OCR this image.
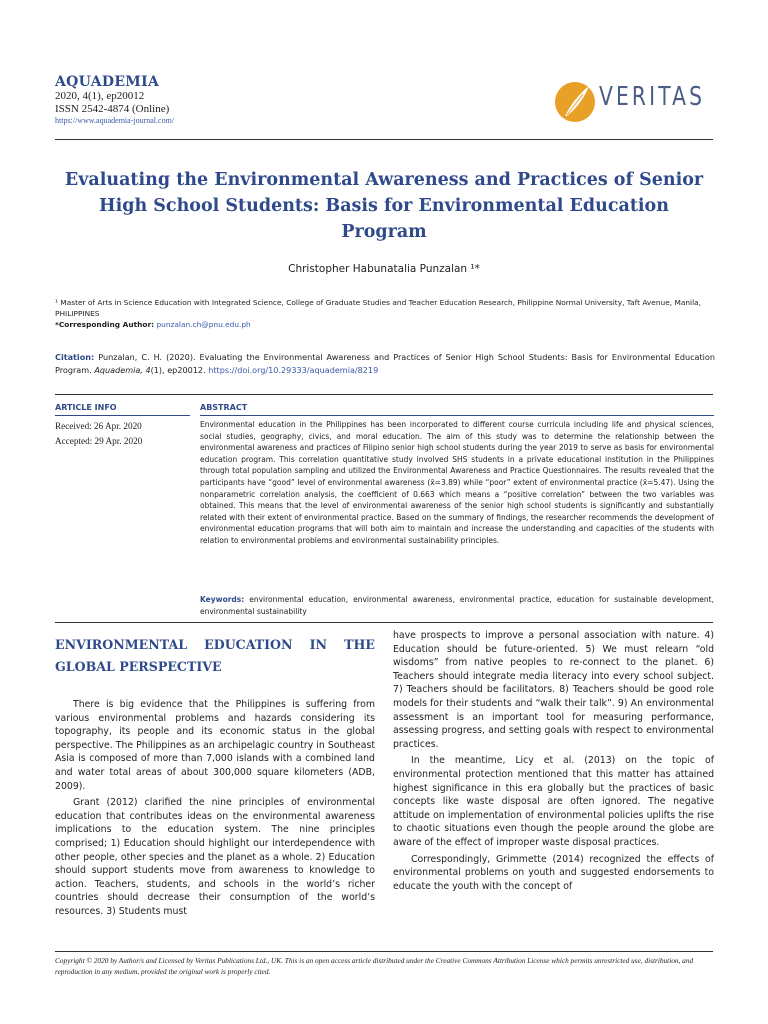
AQUADEMIA
2020, 4(1), ep20012
ISSN 2542-4874 (Online)
https://www.aquademia-journal.com/
VERITAS
Evaluating the Environmental Awareness and Practices of Senior High School Students: Basis for Environmental Education Program
Christopher Habunatalia Punzalan ¹*
¹ Master of Arts in Science Education with Integrated Science, College of Graduate Studies and Teacher Education Research, Philippine Normal University, Taft Avenue, Manila, PHILIPPINES
*Corresponding Author: punzalan.ch@pnu.edu.ph
Citation: Punzalan, C. H. (2020). Evaluating the Environmental Awareness and Practices of Senior High School Students: Basis for Environmental Education Program. Aquademia, 4(1), ep20012. https://doi.org/10.29333/aquademia/8219
ARTICLE INFO	ABSTRACT
Received: 26 Apr. 2020
Accepted: 29 Apr. 2020
Environmental education in the Philippines has been incorporated to different course curricula including life and physical sciences, social studies, geography, civics, and moral education. The aim of this study was to determine the relationship between the environmental awareness and practices of Filipino senior high school students during the year 2019 to serve as basis for environmental education program. This correlation quantitative study involved SHS students in a private educational institution in the Philippines through total population sampling and utilized the Environmental Awareness and Practice Questionnaires. The results revealed that the participants have “good” level of environmental awareness (x̄=3.89) while “poor” extent of environmental practice (x̄=5.47). Using the nonparametric correlation analysis, the coefficient of 0.663 which means a “positive correlation” between the two variables was obtained. This means that the level of environmental awareness of the senior high school students is significantly and substantially related with their extent of environmental practice. Based on the summary of findings, the researcher recommends the development of environmental education programs that will both aim to maintain and increase the understanding and capacities of the students with relation to environmental problems and environmental sustainability principles.
Keywords: environmental education, environmental awareness, environmental practice, education for sustainable development, environmental sustainability
ENVIRONMENTAL EDUCATION IN THE GLOBAL PERSPECTIVE

There is big evidence that the Philippines is suffering from various environmental problems and hazards considering its topography, its people and its economic status in the global perspective. The Philippines as an archipelagic country in Southeast Asia is composed of more than 7,000 islands with a combined land and water total areas of about 300,000 square kilometers (ADB, 2009).

Grant (2012) clarified the nine principles of environmental education that contributes ideas on the environmental awareness implications to the education system. The nine principles comprised; 1) Education should highlight our interdependence with other people, other species and the planet as a whole. 2) Education should support students move from awareness to knowledge to action. Teachers, students, and schools in the world’s richer countries should decrease their consumption of the world’s resources. 3) Students must

have prospects to improve a personal association with nature. 4) Education should be future-oriented. 5) We must relearn “old wisdoms” from native peoples to re-connect to the planet. 6) Teachers should integrate media literacy into every school subject. 7) Teachers should be facilitators. 8) Teachers should be good role models for their students and “walk their talk”. 9) An environmental assessment is an important tool for measuring performance, assessing progress, and setting goals with respect to environmental practices.

In the meantime, Licy et al. (2013) on the topic of environmental protection mentioned that this matter has attained highest significance in this era globally but the practices of basic concepts like waste disposal are often ignored. The negative attitude on implementation of environmental policies uplifts the rise to chaotic situations even though the people around the globe are aware of the effect of improper waste disposal practices.

Correspondingly, Grimmette (2014) recognized the effects of environmental problems on youth and suggested endorsements to educate the youth with the concept of

Copyright © 2020 by Author/s and Licensed by Veritas Publications Ltd., UK. This is an open access article distributed under the Creative Commons Attribution License which permits unrestricted use, distribution, and reproduction in any medium, provided the original work is properly cited.
